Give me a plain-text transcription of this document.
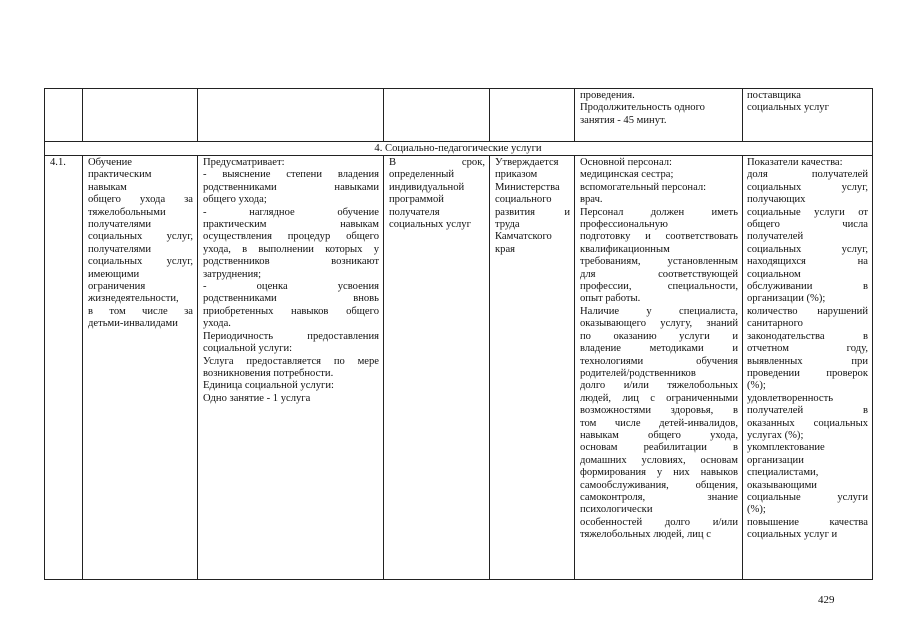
проведения.
Продолжительность одного
занятия - 45 минут.
поставщика
социальных услуг
4. Социально-педагогические услуги
4.1.	Обучение
практическим
навыкам
общего ухода за
тяжелобольными
получателями
социальных услуг,
получателями
социальных услуг,
имеющими
ограничения
жизнедеятельности,
в том числе за
детьми-инвалидами
Предусматривает:
- выяснение степени владения
родственниками навыками
общего ухода;
- наглядное обучение
практическим навыкам
осуществления процедур общего
ухода, в выполнении которых у
родственников возникают
затруднения;
- оценка усвоения
родственниками вновь
приобретенных навыков общего
ухода.
Периодичность предоставления
социальной услуги:
Услуга предоставляется по мере
возникновения потребности.
Единица социальной услуги:
Одно занятие - 1 услуга
В срок,
определенный
индивидуальной
программой
получателя
социальных услуг
Утверждается
приказом
Министерства
социального
развития и
труда
Камчатского
края
Основной персонал:
медицинская сестра;
вспомогательный персонал:
врач.
Персонал должен иметь
профессиональную
подготовку и соответствовать
квалификационным
требованиям, установленным
для соответствующей
профессии, специальности,
опыт работы.
Наличие у специалиста,
оказывающего услугу, знаний
по оказанию услуги и
владение методиками и
технологиями обучения
родителей/родственников
долго и/или тяжелобольных
людей, лиц с ограниченными
возможностями здоровья, в
том числе детей-инвалидов,
навыкам общего ухода,
основам реабилитации в
домашних условиях, основам
формирования у них навыков
самообслуживания, общения,
самоконтроля, знание
психологически
особенностей долго и/или
тяжелобольных людей, лиц с
Показатели качества:
доля получателей
социальных услуг,
получающих
социальные услуги от
общего числа
получателей
социальных услуг,
находящихся на
социальном
обслуживании в
организации (%);
количество нарушений
санитарного
законодательства в
отчетном году,
выявленных при
проведении проверок
(%);
удовлетворенность
получателей в
оказанных социальных
услугах (%);
укомплектование
организации
специалистами,
оказывающими
социальные услуги
(%);
повышение качества
социальных услуг и
429
